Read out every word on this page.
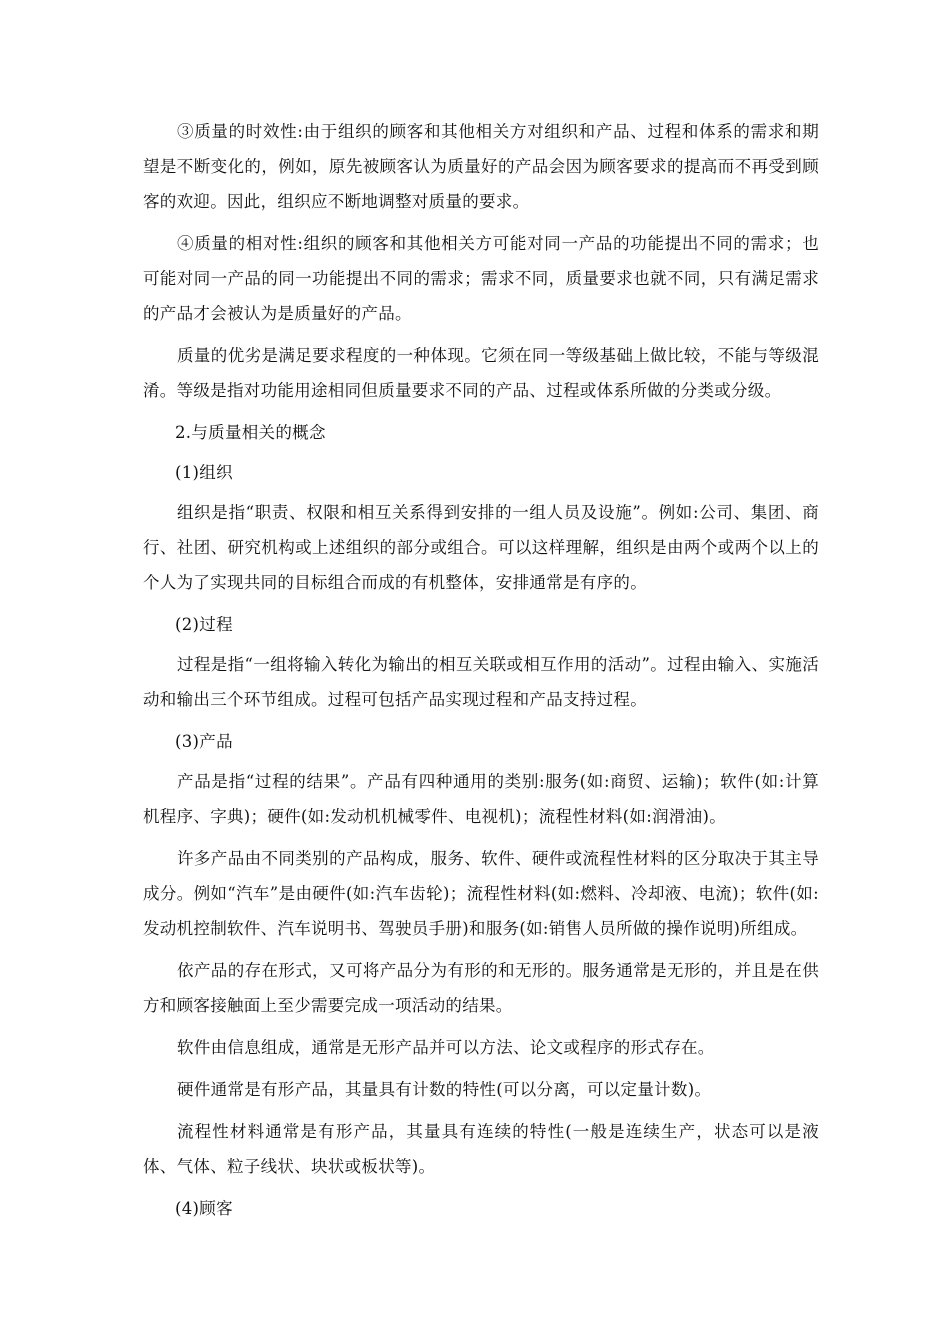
③质量的时效性:由于组织的顾客和其他相关方对组织和产品、过程和体系的需求和期望是不断变化的，例如，原先被顾客认为质量好的产品会因为顾客要求的提高而不再受到顾客的欢迎。因此，组织应不断地调整对质量的要求。

④质量的相对性:组织的顾客和其他相关方可能对同一产品的功能提出不同的需求；也可能对同一产品的同一功能提出不同的需求；需求不同，质量要求也就不同，只有满足需求的产品才会被认为是质量好的产品。

质量的优劣是满足要求程度的一种体现。它须在同一等级基础上做比较，不能与等级混淆。等级是指对功能用途相同但质量要求不同的产品、过程或体系所做的分类或分级。

2.与质量相关的概念

(1)组织

组织是指“职责、权限和相互关系得到安排的一组人员及设施”。例如:公司、集团、商行、社团、研究机构或上述组织的部分或组合。可以这样理解，组织是由两个或两个以上的个人为了实现共同的目标组合而成的有机整体，安排通常是有序的。

(2)过程

过程是指“一组将输入转化为输出的相互关联或相互作用的活动”。过程由输入、实施活动和输出三个环节组成。过程可包括产品实现过程和产品支持过程。

(3)产品

产品是指“过程的结果”。产品有四种通用的类别:服务(如:商贸、运输)；软件(如:计算机程序、字典)；硬件(如:发动机机械零件、电视机)；流程性材料(如:润滑油)。

许多产品由不同类别的产品构成，服务、软件、硬件或流程性材料的区分取决于其主导成分。例如“汽车”是由硬件(如:汽车齿轮)；流程性材料(如:燃料、冷却液、电流)；软件(如:发动机控制软件、汽车说明书、驾驶员手册)和服务(如:销售人员所做的操作说明)所组成。

依产品的存在形式，又可将产品分为有形的和无形的。服务通常是无形的，并且是在供方和顾客接触面上至少需要完成一项活动的结果。

软件由信息组成，通常是无形产品并可以方法、论文或程序的形式存在。

硬件通常是有形产品，其量具有计数的特性(可以分离，可以定量计数)。

流程性材料通常是有形产品，其量具有连续的特性(一般是连续生产，状态可以是液体、气体、粒子线状、块状或板状等)。

(4)顾客
